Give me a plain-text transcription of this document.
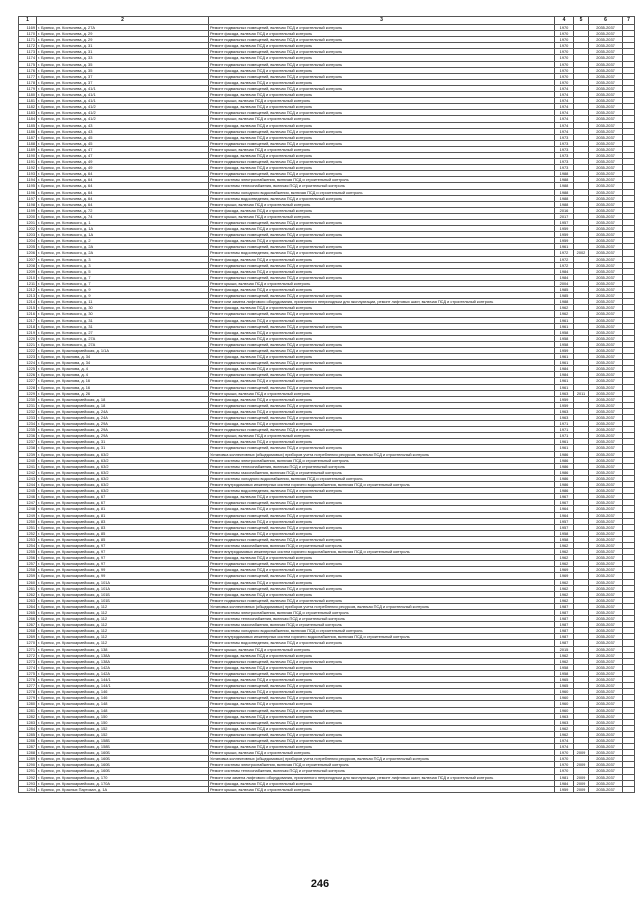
1	2	3	4	5	6	7
1169	г. Брянск, ул. Костычева, д. 27А	Ремонт подвальных помещений, включая ПСД и строительный контроль	1970		2035-2037	
1170	г. Брянск, ул. Костычева, д. 29	Ремонт фасада, включая ПСД и строительный контроль	1970		2035-2037	
1171	г. Брянск, ул. Костычева, д. 29	Ремонт подвальных помещений, включая ПСД и строительный контроль	1970		2035-2037	
1172	г. Брянск, ул. Костычева, д. 31	Ремонт фасада, включая ПСД и строительный контроль	1970		2035-2037	
1173	г. Брянск, ул. Костычева, д. 31	Ремонт подвальных помещений, включая ПСД и строительный контроль	1970		2035-2037	
1174	г. Брянск, ул. Костычева, д. 33	Ремонт фасада, включая ПСД и строительный контроль	1970		2035-2037	
1175	г. Брянск, ул. Костычева, д. 35	Ремонт подвальных помещений, включая ПСД и строительный контроль	1970		2035-2037	
1176	г. Брянск, ул. Костычева, д. 35	Ремонт фасада, включая ПСД и строительный контроль	1970		2035-2037	
1177	г. Брянск, ул. Костычева, д. 37	Ремонт подвальных помещений, включая ПСД и строительный контроль	1970		2035-2037	
1178	г. Брянск, ул. Костычева, д. 37	Ремонт фасада, включая ПСД и строительный контроль	1970		2035-2037	
1179	г. Брянск, ул. Костычева, д. 41/1	Ремонт подвальных помещений, включая ПСД и строительный контроль	1974		2035-2037	
1180	г. Брянск, ул. Костычева, д. 41/1	Ремонт фасада, включая ПСД и строительный контроль	1974		2035-2037	
1181	г. Брянск, ул. Костычева, д. 41/1	Ремонт крыши, включая ПСД и строительный контроль	1974		2035-2037	
1182	г. Брянск, ул. Костычева, д. 41/2	Ремонт фасада, включая ПСД и строительный контроль	1974		2035-2037	
1183	г. Брянск, ул. Костычева, д. 41/2	Ремонт подвальных помещений, включая ПСД и строительный контроль	1974		2035-2037	
1184	г. Брянск, ул. Костычева, д. 41/2	Ремонт крыши, включая ПСД и строительный контроль	1974		2035-2037	
1185	г. Брянск, ул. Костычева, д. 43	Ремонт фасада, включая ПСД и строительный контроль	1974		2035-2037	
1186	г. Брянск, ул. Костычева, д. 43	Ремонт подвальных помещений, включая ПСД и строительный контроль	1974		2035-2037	
1187	г. Брянск, ул. Костычева, д. 45	Ремонт фасада, включая ПСД и строительный контроль	1973		2035-2037	
1188	г. Брянск, ул. Костычева, д. 45	Ремонт подвальных помещений, включая ПСД и строительный контроль	1973		2035-2037	
1189	г. Брянск, ул. Костычева, д. 47	Ремонт крыши, включая ПСД и строительный контроль	1973		2035-2037	
1190	г. Брянск, ул. Костычева, д. 47	Ремонт фасада, включая ПСД и строительный контроль	1973		2035-2037	
1191	г. Брянск, ул. Костычева, д. 49	Ремонт подвальных помещений, включая ПСД и строительный контроль	1973		2035-2037	
1192	г. Брянск, ул. Костычева, д. 49	Ремонт фасада, включая ПСД и строительный контроль	1973		2035-2037	
1193	г. Брянск, ул. Костычева, д. 64	Ремонт подвальных помещений, включая ПСД и строительный контроль	1988		2035-2037	
1194	г. Брянск, ул. Костычева, д. 64	Ремонт системы электроснабжения, включая ПСД и строительный контроль	1988		2035-2037	
1195	г. Брянск, ул. Костычева, д. 64	Ремонт системы теплоснабжения, включая ПСД и строительный контроль	1988		2035-2037	
1196	г. Брянск, ул. Костычева, д. 64	Ремонт системы холодного водоснабжения, включая ПСД и строительный контроль	1988		2035-2037	
1197	г. Брянск, ул. Костычева, д. 64	Ремонт системы водоотведения, включая ПСД и строительный контроль	1988		2035-2037	
1198	г. Брянск, ул. Костычева, д. 64	Ремонт крыши, включая ПСД и строительный контроль	1988		2035-2037	
1199	г. Брянск, ул. Костычева, д. 72	Ремонт фасада, включая ПСД и строительный контроль	2016		2035-2037	
1200	г. Брянск, ул. Костычева, д. 74	Ремонт крыши, включая ПСД и строительный контроль	2017		2035-2037	
1201	г. Брянск, ул. Котовского, д. 1	Ремонт подвальных помещений, включая ПСД и строительный контроль	1957		2035-2037	
1202	г. Брянск, ул. Котовского, д. 1А	Ремонт фасада, включая ПСД и строительный контроль	1959		2035-2037	
1203	г. Брянск, ул. Котовского, д. 1А	Ремонт подвальных помещений, включая ПСД и строительный контроль	1959		2035-2037	
1204	г. Брянск, ул. Котовского, д. 2	Ремонт фасада, включая ПСД и строительный контроль	1959		2035-2037	
1205	г. Брянск, ул. Котовского, д. 2А	Ремонт подвальных помещений, включая ПСД и строительный контроль	1961		2035-2037	
1206	г. Брянск, ул. Котовского, д. 2А	Ремонт системы водоотведения, включая ПСД и строительный контроль	1972	2002	2035-2037	
1207	г. Брянск, ул. Котовского, д. 3	Ремонт фасада, включая ПСД и строительный контроль	1972		2035-2037	
1208	г. Брянск, ул. Котовского, д. 3	Ремонт подвальных помещений, включая ПСД и строительный контроль	1972		2035-2037	
1209	г. Брянск, ул. Котовского, д. 5	Ремонт фасада, включая ПСД и строительный контроль	1984		2035-2037	
1210	г. Брянск, ул. Котовского, д. 7	Ремонт подвальных помещений, включая ПСД и строительный контроль	1984		2035-2037	
1211	г. Брянск, ул. Котовского, д. 7	Ремонт крыши, включая ПСД и строительный контроль	2004		2035-2037	
1212	г. Брянск, ул. Котовского, д. 9	Ремонт фасада, включая ПСД и строительный контроль	1985		2035-2037	
1213	г. Брянск, ул. Котовского, д. 9	Ремонт подвальных помещений, включая ПСД и строительный контроль	1985		2035-2037	
1214	г. Брянск, ул. Котовского, д. 11	Ремонт или замена лифтового оборудования, признанного непригодным для эксплуатации, ремонт лифтовых шахт, включая ПСД и строительный контроль	1988		2035-2037	
1215	г. Брянск, ул. Котовского, д. 30	Ремонт фасада, включая ПСД и строительный контроль	1962		2035-2037	
1216	г. Брянск, ул. Котовского, д. 30	Ремонт подвальных помещений, включая ПСД и строительный контроль	1962		2035-2037	
1217	г. Брянск, ул. Котовского, д. 31	Ремонт фасада, включая ПСД и строительный контроль	1961		2035-2037	
1218	г. Брянск, ул. Котовского, д. 31	Ремонт подвальных помещений, включая ПСД и строительный контроль	1961		2035-2037	
1219	г. Брянск, ул. Котовского, д. 27	Ремонт фасада, включая ПСД и строительный контроль	1958		2035-2037	
1220	г. Брянск, ул. Котовского, д. 27А	Ремонт фасада, включая ПСД и строительный контроль	1958		2035-2037	
1221	г. Брянск, ул. Котовского, д. 27А	Ремонт подвальных помещений, включая ПСД и строительный контроль	1958		2035-2037	
1222	г. Брянск, ул. Красноармейская, д. 1/1А	Ремонт подвальных помещений, включая ПСД и строительный контроль	1959		2035-2037	
1223	г. Брянск, ул. Краснова, д. 34	Ремонт фасада, включая ПСД и строительный контроль	1961		2035-2037	
1224	г. Брянск, ул. Краснова, д. 34	Ремонт подвальных помещений, включая ПСД и строительный контроль	1961		2035-2037	
1225	г. Брянск, ул. Краснова, д. 4	Ремонт фасада, включая ПСД и строительный контроль	1984		2035-2037	
1226	г. Брянск, ул. Краснова, д. 4	Ремонт подвальных помещений, включая ПСД и строительный контроль	1984		2035-2037	
1227	г. Брянск, ул. Краснова, д. 16	Ремонт фасада, включая ПСД и строительный контроль	1961		2035-2037	
1228	г. Брянск, ул. Краснова, д. 16	Ремонт подвальных помещений, включая ПСД и строительный контроль	1961		2035-2037	
1229	г. Брянск, ул. Краснова, д. 26	Ремонт крыши, включая ПСД и строительный контроль	1963	2011	2035-2037	
1230	г. Брянск, ул. Красноармейская, д. 18	Ремонт фасада, включая ПСД и строительный контроль	1959		2035-2037	
1231	г. Брянск, ул. Красноармейская, д. 18	Ремонт подвальных помещений, включая ПСД и строительный контроль	1959		2035-2037	
1232	г. Брянск, ул. Красноармейская, д. 24А	Ремонт фасада, включая ПСД и строительный контроль	1963		2035-2037	
1233	г. Брянск, ул. Красноармейская, д. 24А	Ремонт подвальных помещений, включая ПСД и строительный контроль	1963		2035-2037	
1234	г. Брянск, ул. Красноармейская, д. 29А	Ремонт фасада, включая ПСД и строительный контроль	1971		2035-2037	
1235	г. Брянск, ул. Красноармейская, д. 29А	Ремонт подвальных помещений, включая ПСД и строительный контроль	1971		2035-2037	
1236	г. Брянск, ул. Красноармейская, д. 29А	Ремонт крыши, включая ПСД и строительный контроль	1971		2035-2037	
1237	г. Брянск, ул. Красноармейская, д. 31	Ремонт фасада, включая ПСД и строительный контроль	1961		2035-2037	
1238	г. Брянск, ул. Красноармейская, д. 31	Ремонт подвальных помещений, включая ПСД и строительный контроль	1961		2035-2037	
1239	г. Брянск, ул. Красноармейская, д. 63/2	Установка коллективных (общедомовых) приборов учета потребления ресурсов, включая ПСД и строительный контроль	1986		2035-2037	
1240	г. Брянск, ул. Красноармейская, д. 63/2	Ремонт системы электроснабжения, включая ПСД и строительный контроль	1986		2035-2037	
1241	г. Брянск, ул. Красноармейская, д. 63/2	Ремонт системы теплоснабжения, включая ПСД и строительный контроль	1986		2035-2037	
1242	г. Брянск, ул. Красноармейская, д. 63/2	Ремонт системы газоснабжения, включая ПСД и строительный контроль	1986		2035-2037	
1243	г. Брянск, ул. Красноармейская, д. 63/2	Ремонт системы холодного водоснабжения, включая ПСД и строительный контроль	1986		2035-2037	
1244	г. Брянск, ул. Красноармейская, д. 63/2	Ремонт внутридомовых инженерных систем горячего водоснабжения, включая ПСД и строительный контроль	1986		2035-2037	
1245	г. Брянск, ул. Красноармейская, д. 63/2	Ремонт системы водоотведения, включая ПСД и строительный контроль	1986		2035-2037	
1246	г. Брянск, ул. Красноармейская, д. 67	Ремонт фасада, включая ПСД и строительный контроль	1967		2035-2037	
1247	г. Брянск, ул. Красноармейская, д. 67	Ремонт подвальных помещений, включая ПСД и строительный контроль	1967		2035-2037	
1248	г. Брянск, ул. Красноармейская, д. 81	Ремонт фасада, включая ПСД и строительный контроль	1964		2035-2037	
1249	г. Брянск, ул. Красноармейская, д. 81	Ремонт подвальных помещений, включая ПСД и строительный контроль	1964		2035-2037	
1250	г. Брянск, ул. Красноармейская, д. 83	Ремонт фасада, включая ПСД и строительный контроль	1957		2035-2037	
1251	г. Брянск, ул. Красноармейская, д. 83	Ремонт подвальных помещений, включая ПСД и строительный контроль	1957		2035-2037	
1252	г. Брянск, ул. Красноармейская, д. 85	Ремонт фасада, включая ПСД и строительный контроль	1958		2035-2037	
1253	г. Брянск, ул. Красноармейская, д. 85	Ремонт подвальных помещений, включая ПСД и строительный контроль	1958		2035-2037	
1254	г. Брянск, ул. Красноармейская, д. 97	Ремонт системы газоснабжения, включая ПСД и строительный контроль	1962		2035-2037	
1255	г. Брянск, ул. Красноармейская, д. 97	Ремонт внутридомовых инженерных систем горячего водоснабжения, включая ПСД и строительный контроль	1962		2035-2037	
1256	г. Брянск, ул. Красноармейская, д. 97	Ремонт фасада, включая ПСД и строительный контроль	1962		2035-2037	
1257	г. Брянск, ул. Красноармейская, д. 97	Ремонт подвальных помещений, включая ПСД и строительный контроль	1962		2035-2037	
1258	г. Брянск, ул. Красноармейская, д. 99	Ремонт фасада, включая ПСД и строительный контроль	1969		2035-2037	
1259	г. Брянск, ул. Красноармейская, д. 99	Ремонт подвальных помещений, включая ПСД и строительный контроль	1969		2035-2037	
1260	г. Брянск, ул. Красноармейская, д. 101А	Ремонт фасада, включая ПСД и строительный контроль	1962		2035-2037	
1261	г. Брянск, ул. Красноармейская, д. 101А	Ремонт подвальных помещений, включая ПСД и строительный контроль	1962		2035-2037	
1262	г. Брянск, ул. Красноармейская, д. 101Б	Ремонт фасада, включая ПСД и строительный контроль	1962		2035-2037	
1263	г. Брянск, ул. Красноармейская, д. 101Б	Ремонт подвальных помещений, включая ПСД и строительный контроль	1962		2035-2037	
1264	г. Брянск, ул. Красноармейская, д. 112	Установка коллективных (общедомовых) приборов учета потребления ресурсов, включая ПСД и строительный контроль	1987		2035-2037	
1265	г. Брянск, ул. Красноармейская, д. 112	Ремонт системы электроснабжения, включая ПСД и строительный контроль	1987		2035-2037	
1266	г. Брянск, ул. Красноармейская, д. 112	Ремонт системы теплоснабжения, включая ПСД и строительный контроль	1987		2035-2037	
1267	г. Брянск, ул. Красноармейская, д. 112	Ремонт системы газоснабжения, включая ПСД и строительный контроль	1987		2035-2037	
1268	г. Брянск, ул. Красноармейская, д. 112	Ремонт системы холодного водоснабжения, включая ПСД и строительный контроль	1987		2035-2037	
1269	г. Брянск, ул. Красноармейская, д. 112	Ремонт внутридомовых инженерных систем горячего водоснабжения, включая ПСД и строительный контроль	1987		2035-2037	
1270	г. Брянск, ул. Красноармейская, д. 112	Ремонт системы водоотведения, включая ПСД и строительный контроль	1987		2035-2037	
1271	г. Брянск, ул. Красноармейская, д. 138	Ремонт крыши, включая ПСД и строительный контроль	2015		2035-2037	
1272	г. Брянск, ул. Красноармейская, д. 138А	Ремонт фасада, включая ПСД и строительный контроль	1962		2035-2037	
1273	г. Брянск, ул. Красноармейская, д. 138А	Ремонт подвальных помещений, включая ПСД и строительный контроль	1962		2035-2037	
1274	г. Брянск, ул. Красноармейская, д. 142А	Ремонт фасада, включая ПСД и строительный контроль	1958		2035-2037	
1275	г. Брянск, ул. Красноармейская, д. 142А	Ремонт подвальных помещений, включая ПСД и строительный контроль	1958		2035-2037	
1276	г. Брянск, ул. Красноармейская, д. 144/1	Ремонт фасада, включая ПСД и строительный контроль	1965		2035-2037	
1277	г. Брянск, ул. Красноармейская, д. 144/1	Ремонт подвальных помещений, включая ПСД и строительный контроль	1965		2035-2037	
1278	г. Брянск, ул. Красноармейская, д. 146	Ремонт фасада, включая ПСД и строительный контроль	1960		2035-2037	
1279	г. Брянск, ул. Красноармейская, д. 146	Ремонт подвальных помещений, включая ПСД и строительный контроль	1960		2035-2037	
1280	г. Брянск, ул. Красноармейская, д. 148	Ремонт фасада, включая ПСД и строительный контроль	1960		2035-2037	
1281	г. Брянск, ул. Красноармейская, д. 148	Ремонт подвальных помещений, включая ПСД и строительный контроль	1960		2035-2037	
1282	г. Брянск, ул. Красноармейская, д. 150	Ремонт фасада, включая ПСД и строительный контроль	1963		2035-2037	
1283	г. Брянск, ул. Красноармейская, д. 150	Ремонт подвальных помещений, включая ПСД и строительный контроль	1963		2035-2037	
1284	г. Брянск, ул. Красноармейская, д. 152	Ремонт фасада, включая ПСД и строительный контроль	1962		2035-2037	
1285	г. Брянск, ул. Красноармейская, д. 152	Ремонт подвальных помещений, включая ПСД и строительный контроль	1962		2035-2037	
1286	г. Брянск, ул. Красноармейская, д. 158Б	Ремонт подвальных помещений, включая ПСД и строительный контроль	1974		2035-2037	
1287	г. Брянск, ул. Красноармейская, д. 158Б	Ремонт фасада, включая ПСД и строительный контроль	1974		2035-2037	
1288	г. Брянск, ул. Красноармейская, д. 160Б	Ремонт крыши, включая ПСД и строительный контроль	1970	2009	2035-2037	
1289	г. Брянск, ул. Красноармейская, д. 160Б	Установка коллективных (общедомовых) приборов учета потребления ресурсов, включая ПСД и строительный контроль	1970		2035-2037	
1290	г. Брянск, ул. Красноармейская, д. 160Б	Ремонт системы электроснабжения, включая ПСД и строительный контроль	1970	2009	2035-2037	
1291	г. Брянск, ул. Красноармейская, д. 160Б	Ремонт системы теплоснабжения, включая ПСД и строительный контроль	1970		2035-2037	
1292	г. Брянск, ул. Красноармейская, д. 170	Ремонт или замена лифтового оборудования, признанного непригодным для эксплуатации, ремонт лифтовых шахт, включая ПСД и строительный контроль	1981	2009	2035-2037	
1293	г. Брянск, ул. Красноармейская, д. 170А	Ремонт фасада, включая ПСД и строительный контроль	1984	2009	2035-2037	
1294	г. Брянск, ул. Красных Партизан, д. 1А	Ремонт крыши, включая ПСД и строительный контроль	1959	2009	2035-2037	
246
